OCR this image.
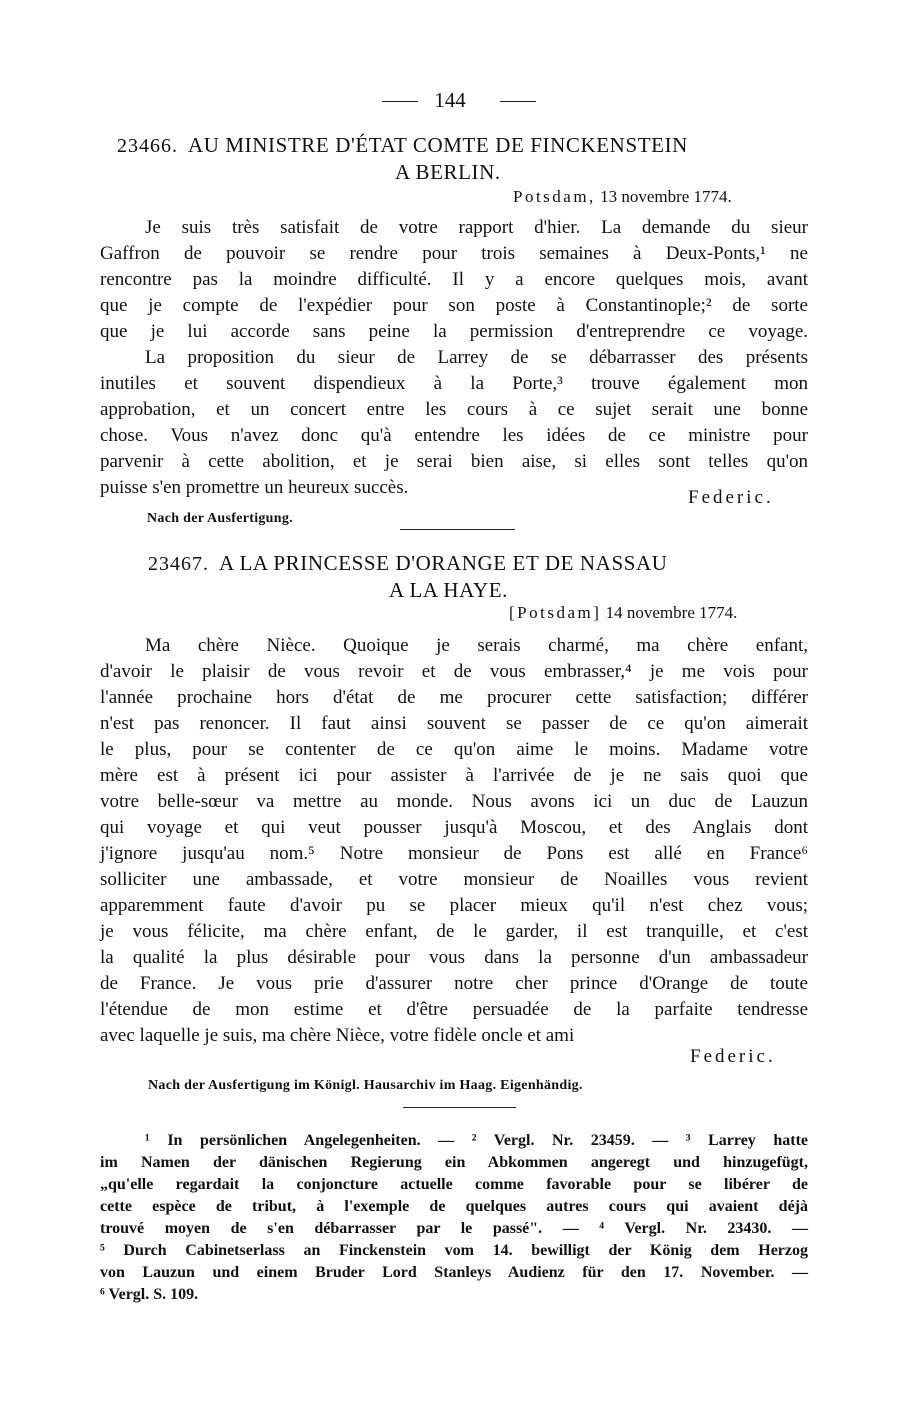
144
23466. AU MINISTRE D'ÉTAT COMTE DE FINCKENSTEIN
A BERLIN.
Potsdam, 13 novembre 1774.
Je suis très satisfait de votre rapport d'hier. La demande du sieur
Gaffron de pouvoir se rendre pour trois semaines à Deux-Ponts,¹ ne
rencontre pas la moindre difficulté. Il y a encore quelques mois, avant
que je compte de l'expédier pour son poste à Constantinople;² de sorte
que je lui accorde sans peine la permission d'entreprendre ce voyage.
La proposition du sieur de Larrey de se débarrasser des présents
inutiles et souvent dispendieux à la Porte,³ trouve également mon
approbation, et un concert entre les cours à ce sujet serait une bonne
chose. Vous n'avez donc qu'à entendre les idées de ce ministre pour
parvenir à cette abolition, et je serai bien aise, si elles sont telles qu'on
puisse s'en promettre un heureux succès.	Federic.
Nach der Ausfertigung.
23467. A LA PRINCESSE D'ORANGE ET DE NASSAU
A LA HAYE.
[Potsdam] 14 novembre 1774.
Ma chère Nièce. Quoique je serais charmé, ma chère enfant,
d'avoir le plaisir de vous revoir et de vous embrasser,⁴ je me vois pour
l'année prochaine hors d'état de me procurer cette satisfaction; différer
n'est pas renoncer. Il faut ainsi souvent se passer de ce qu'on aimerait
le plus, pour se contenter de ce qu'on aime le moins. Madame votre
mère est à présent ici pour assister à l'arrivée de je ne sais quoi que
votre belle-sœur va mettre au monde. Nous avons ici un duc de Lauzun
qui voyage et qui veut pousser jusqu'à Moscou, et des Anglais dont
j'ignore jusqu'au nom.⁵ Notre monsieur de Pons est allé en France⁶
solliciter une ambassade, et votre monsieur de Noailles vous revient
apparemment faute d'avoir pu se placer mieux qu'il n'est chez vous;
je vous félicite, ma chère enfant, de le garder, il est tranquille, et c'est
la qualité la plus désirable pour vous dans la personne d'un ambassadeur
de France. Je vous prie d'assurer notre cher prince d'Orange de toute
l'étendue de mon estime et d'être persuadée de la parfaite tendresse
avec laquelle je suis, ma chère Nièce, votre fidèle oncle et ami
Federic.
Nach der Ausfertigung im Königl. Hausarchiv im Haag. Eigenhändig.
¹ In persönlichen Angelegenheiten. — ² Vergl. Nr. 23459. — ³ Larrey hatte
im Namen der dänischen Regierung ein Abkommen angeregt und hinzugefügt,
„qu'elle regardait la conjoncture actuelle comme favorable pour se libérer de
cette espèce de tribut, à l'exemple de quelques autres cours qui avaient déjà
trouvé moyen de s'en débarrasser par le passé". — ⁴ Vergl. Nr. 23430. —
⁵ Durch Cabinetserlass an Finckenstein vom 14. bewilligt der König dem Herzog
von Lauzun und einem Bruder Lord Stanleys Audienz für den 17. November. —
⁶ Vergl. S. 109.
